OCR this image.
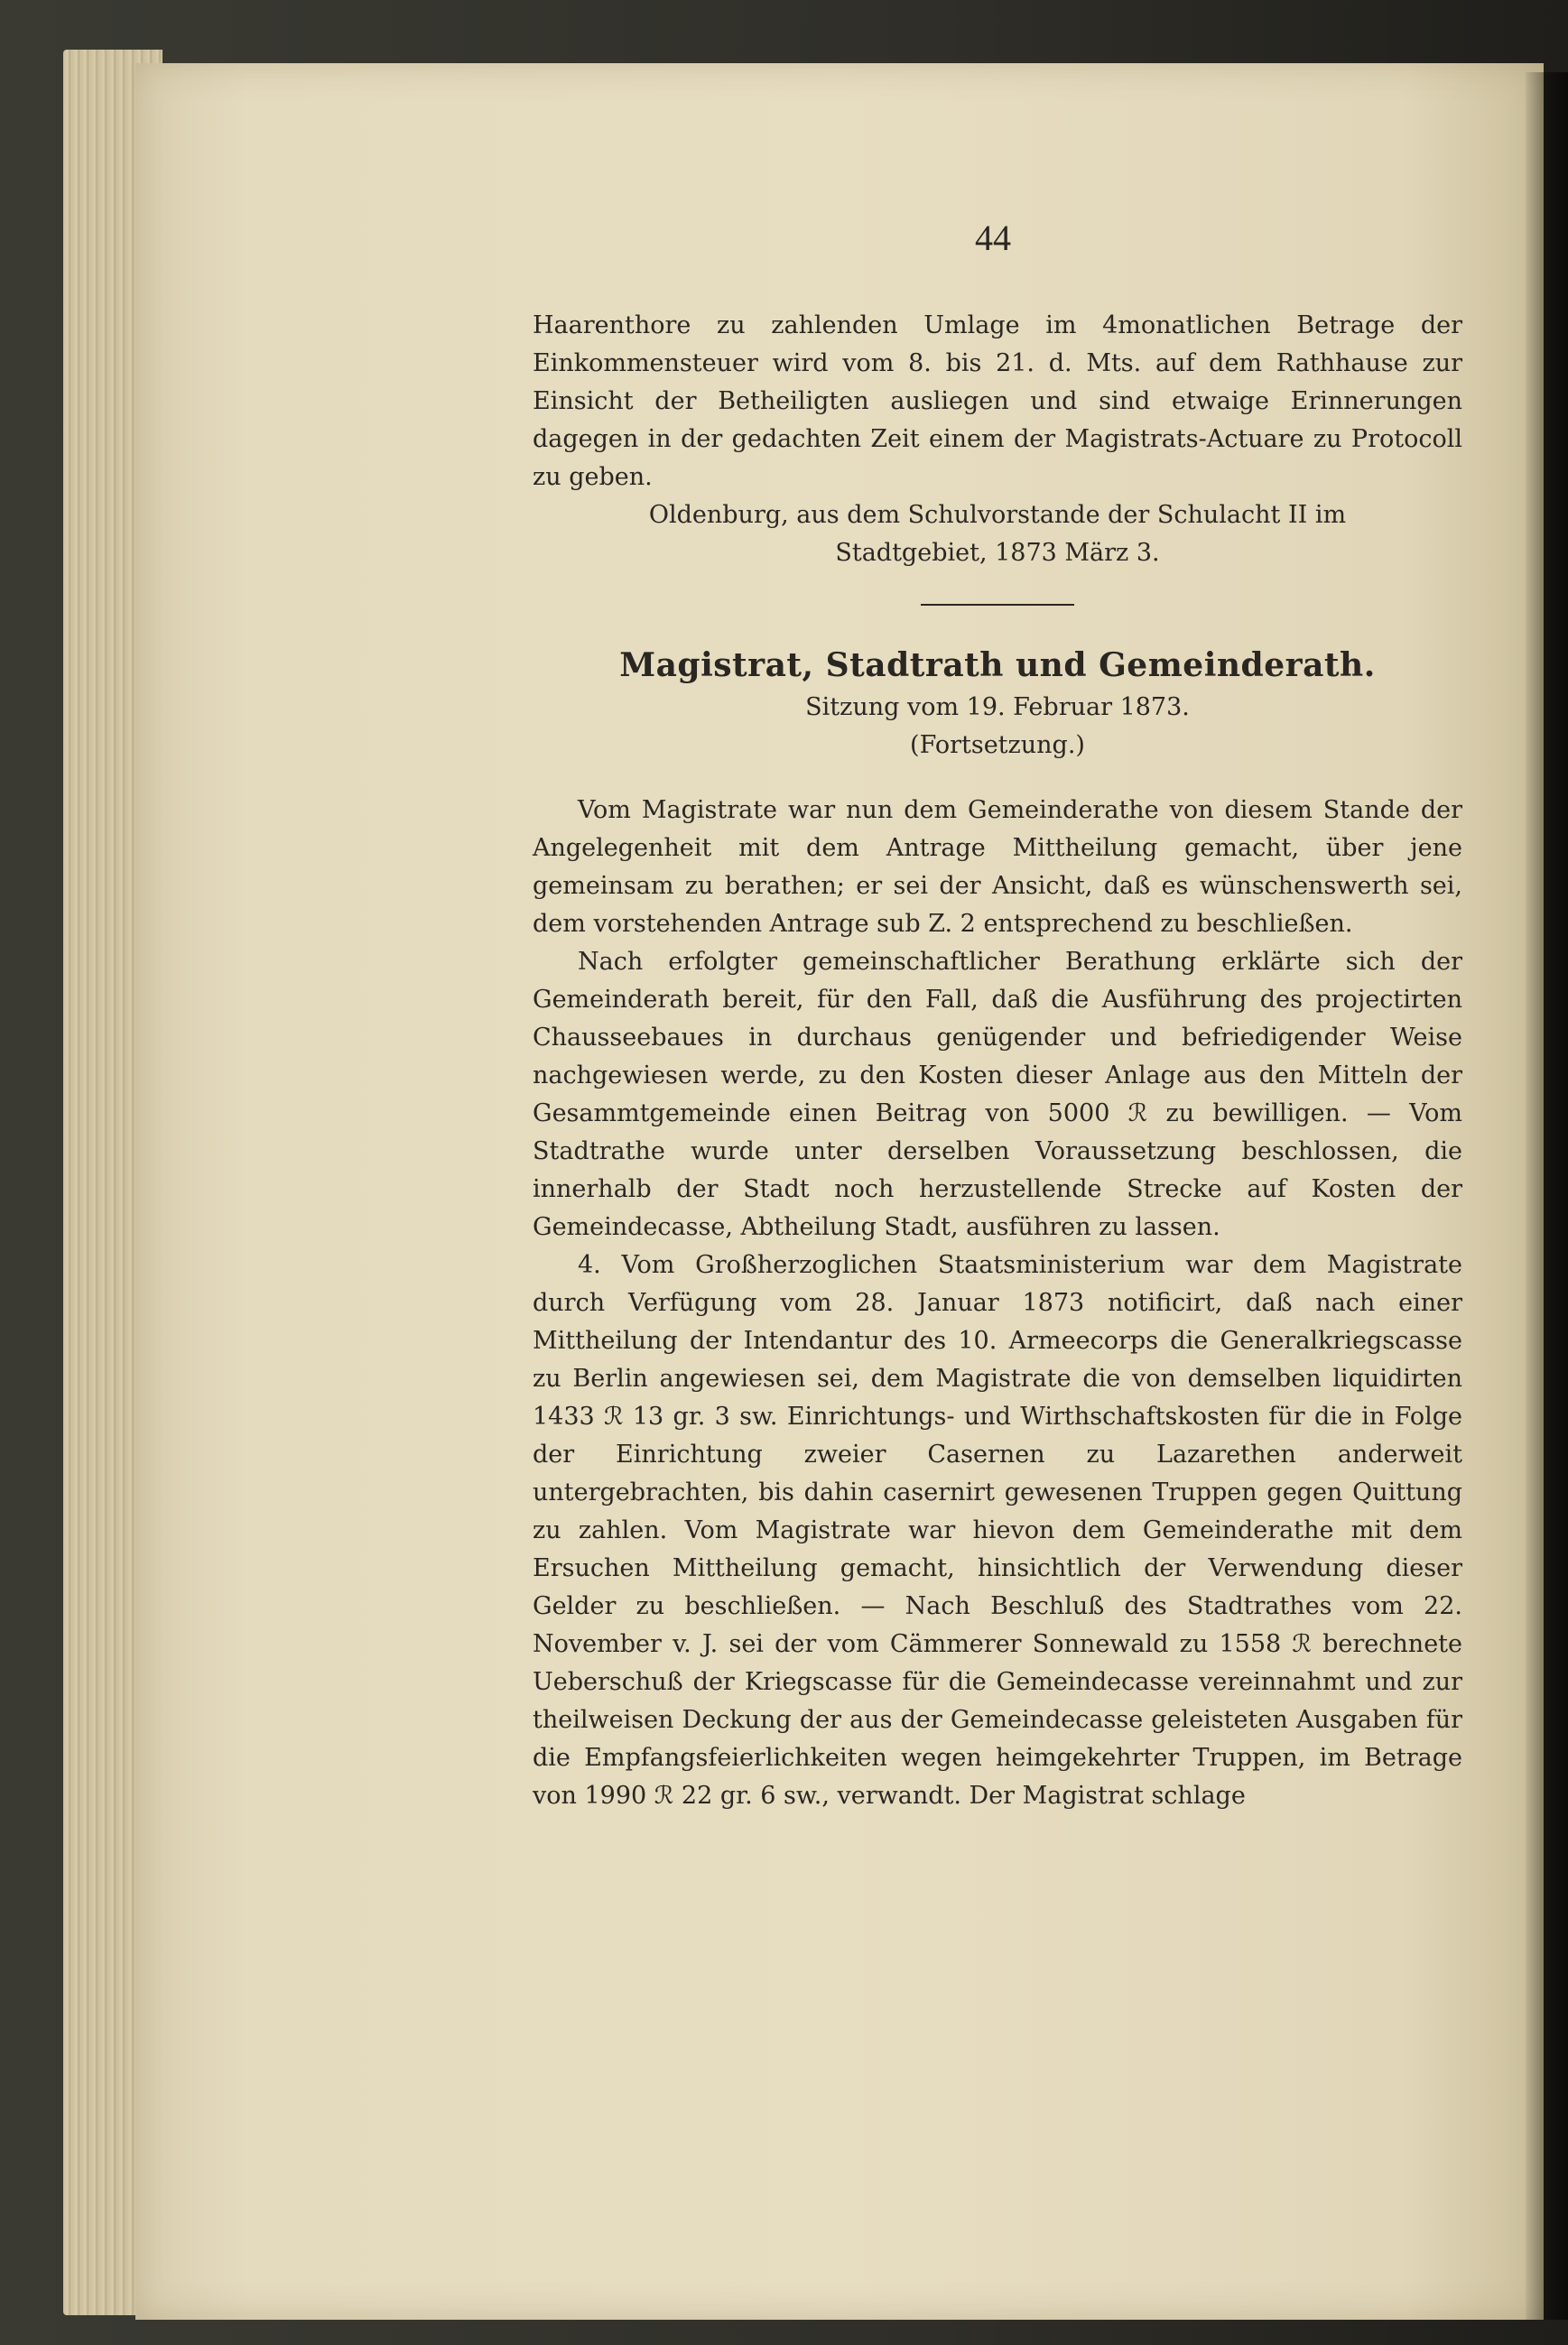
44

Haarenthore zu zahlenden Umlage im 4monatlichen Betrage der Einkommensteuer wird vom 8. bis 21. d. Mts. auf dem Rathhause zur Einsicht der Betheiligten ausliegen und sind etwaige Erinnerungen dagegen in der gedachten Zeit einem der Magistrats-Actuare zu Protocoll zu geben.

Oldenburg, aus dem Schulvorstande der Schulacht II im

Stadtgebiet, 1873 März 3.

Magistrat, Stadtrath und Gemeinderath.
Sitzung vom 19. Februar 1873.
(Fortsetzung.)

Vom Magistrate war nun dem Gemeinderathe von diesem Stande der Angelegenheit mit dem Antrage Mittheilung gemacht, über jene gemeinsam zu berathen; er sei der Ansicht, daß es wünschenswerth sei, dem vorstehenden Antrage sub Z. 2 entsprechend zu beschließen.

Nach erfolgter gemeinschaftlicher Berathung erklärte sich der Gemeinderath bereit, für den Fall, daß die Ausführung des projectirten Chausseebaues in durchaus genügender und befriedigender Weise nachgewiesen werde, zu den Kosten dieser Anlage aus den Mitteln der Gesammtgemeinde einen Beitrag von 5000 ℛ zu bewilligen. — Vom Stadtrathe wurde unter derselben Voraussetzung beschlossen, die innerhalb der Stadt noch herzustellende Strecke auf Kosten der Gemeindecasse, Abtheilung Stadt, ausführen zu lassen.

4. Vom Großherzoglichen Staatsministerium war dem Magistrate durch Verfügung vom 28. Januar 1873 notificirt, daß nach einer Mittheilung der Intendantur des 10. Armeecorps die Generalkriegscasse zu Berlin angewiesen sei, dem Magistrate die von demselben liquidirten 1433 ℛ 13 gr. 3 sw. Einrichtungs- und Wirthschaftskosten für die in Folge der Einrichtung zweier Casernen zu Lazarethen anderweit untergebrachten, bis dahin casernirt gewesenen Truppen gegen Quittung zu zahlen. Vom Magistrate war hievon dem Gemeinderathe mit dem Ersuchen Mittheilung gemacht, hinsichtlich der Verwendung dieser Gelder zu beschließen. — Nach Beschluß des Stadtrathes vom 22. November v. J. sei der vom Cämmerer Sonnewald zu 1558 ℛ berechnete Ueberschuß der Kriegscasse für die Gemeindecasse vereinnahmt und zur theilweisen Deckung der aus der Gemeindecasse geleisteten Ausgaben für die Empfangsfeierlichkeiten wegen heimgekehrter Truppen, im Betrage von 1990 ℛ 22 gr. 6 sw., verwandt. Der Magistrat schlage
